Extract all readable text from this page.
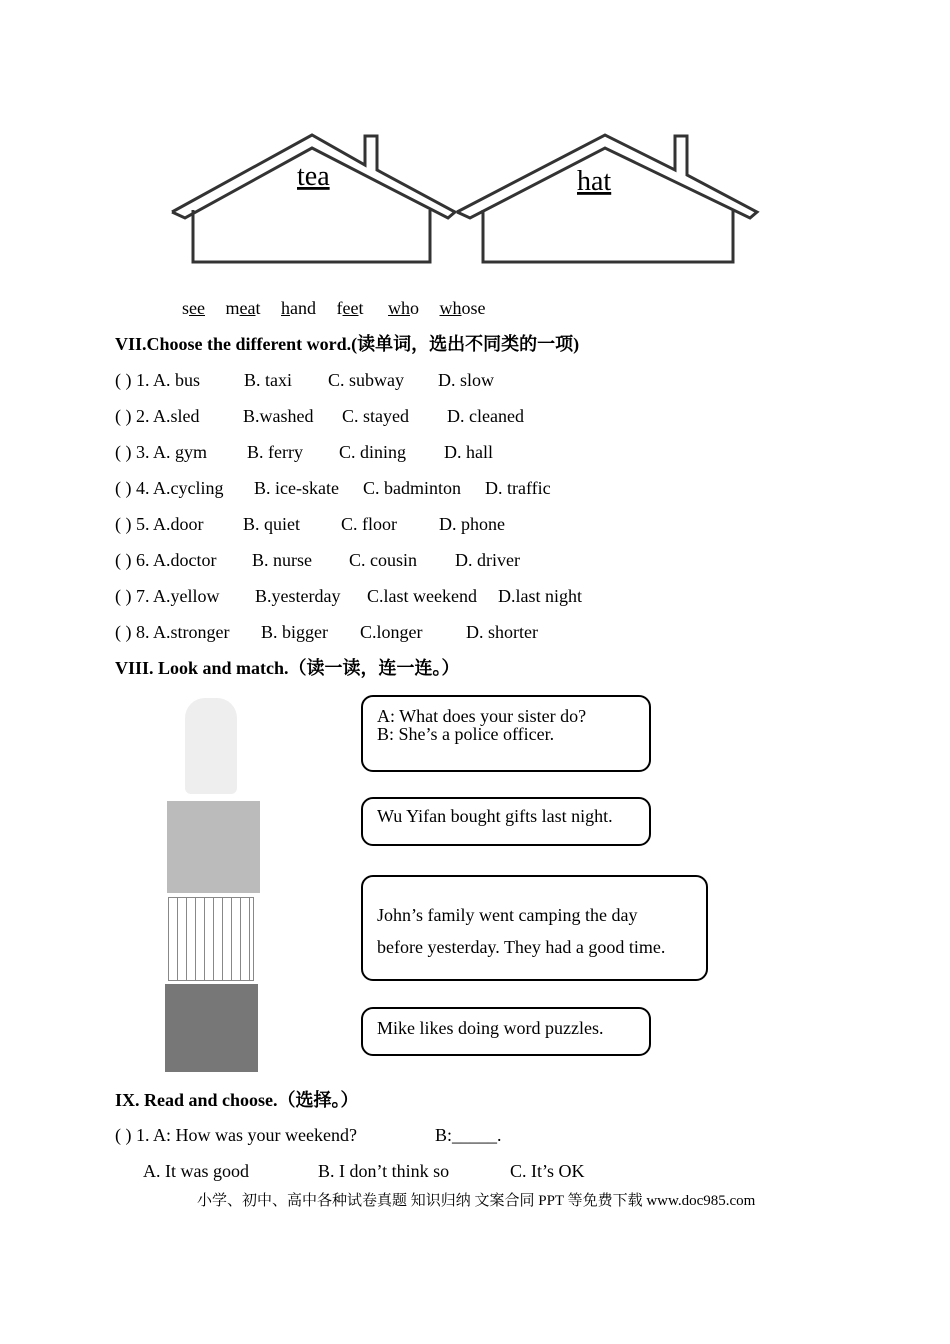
tea	hat
see meat hand feet who whose
VII.Choose the different word.(读单词，选出不同类的一项)
( ) 1. A. bus B. taxi C. subway D. slow
( ) 2. A.sled B.washed C. stayed D. cleaned
( ) 3. A. gym B. ferry C. dining D. hall
( ) 4. A.cycling B. ice-skate C. badminton D. traffic
( ) 5. A.door B. quiet C. floor D. phone
( ) 6. A.doctor B. nurse C. cousin D. driver
( ) 7. A.yellow B.yesterday C.last weekend D.last night
( ) 8. A.stronger B. bigger C.longer D. shorter
VIII. Look and match.（读一读，连一连。）
A: What does your sister do?
B: She’s a police officer.
Wu Yifan bought gifts last night.
John’s family went camping the day
before yesterday. They had a good time.
Mike likes doing word puzzles.
IX. Read and choose.（选择。）
( ) 1. A: How was your weekend?	B:_____.
A. It was good	B. I don’t think so	C. It’s OK
小学、初中、高中各种试卷真题 知识归纳 文案合同 PPT 等免费下载 www.doc985.com
